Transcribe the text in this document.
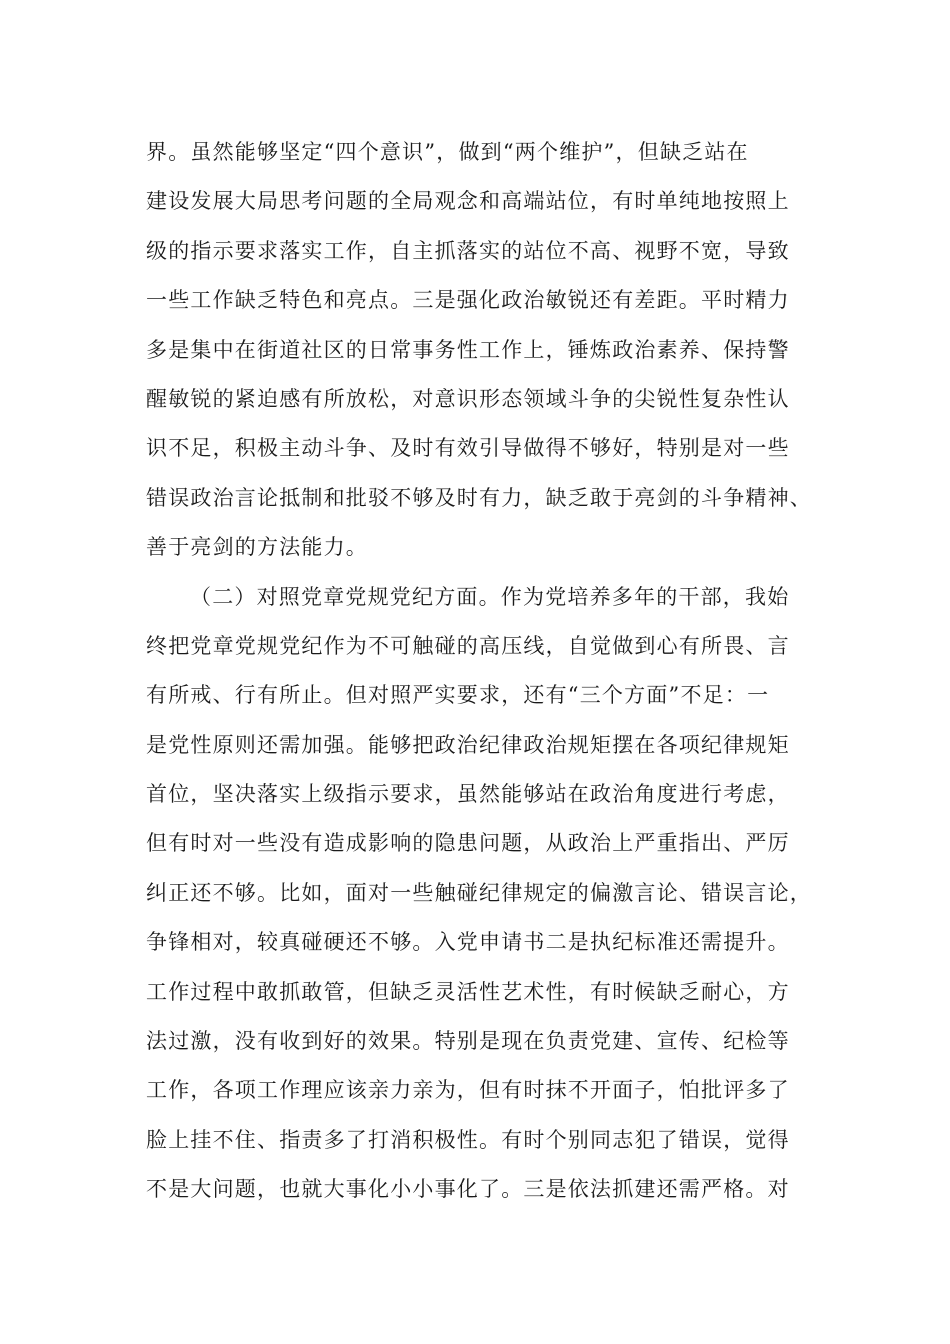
界。虽然能够坚定“四个意识”，做到“两个维护”，但缺乏站在
建设发展大局思考问题的全局观念和高端站位，有时单纯地按照上
级的指示要求落实工作，自主抓落实的站位不高、视野不宽，导致
一些工作缺乏特色和亮点。三是强化政治敏锐还有差距。平时精力
多是集中在街道社区的日常事务性工作上，锤炼政治素养、保持警
醒敏锐的紧迫感有所放松，对意识形态领域斗争的尖锐性复杂性认
识不足，积极主动斗争、及时有效引导做得不够好，特别是对一些
错误政治言论抵制和批驳不够及时有力，缺乏敢于亮剑的斗争精神、
善于亮剑的方法能力。
（二）对照党章党规党纪方面。作为党培养多年的干部，我始
终把党章党规党纪作为不可触碰的高压线，自觉做到心有所畏、言
有所戒、行有所止。但对照严实要求，还有“三个方面”不足：一
是党性原则还需加强。能够把政治纪律政治规矩摆在各项纪律规矩
首位，坚决落实上级指示要求，虽然能够站在政治角度进行考虑，
但有时对一些没有造成影响的隐患问题，从政治上严重指出、严厉
纠正还不够。比如，面对一些触碰纪律规定的偏激言论、错误言论，
争锋相对，较真碰硬还不够。入党申请书二是执纪标准还需提升。
工作过程中敢抓敢管，但缺乏灵活性艺术性，有时候缺乏耐心，方
法过激，没有收到好的效果。特别是现在负责党建、宣传、纪检等
工作，各项工作理应该亲力亲为，但有时抹不开面子，怕批评多了
脸上挂不住、指责多了打消积极性。有时个别同志犯了错误，觉得
不是大问题，也就大事化小小事化了。三是依法抓建还需严格。对
